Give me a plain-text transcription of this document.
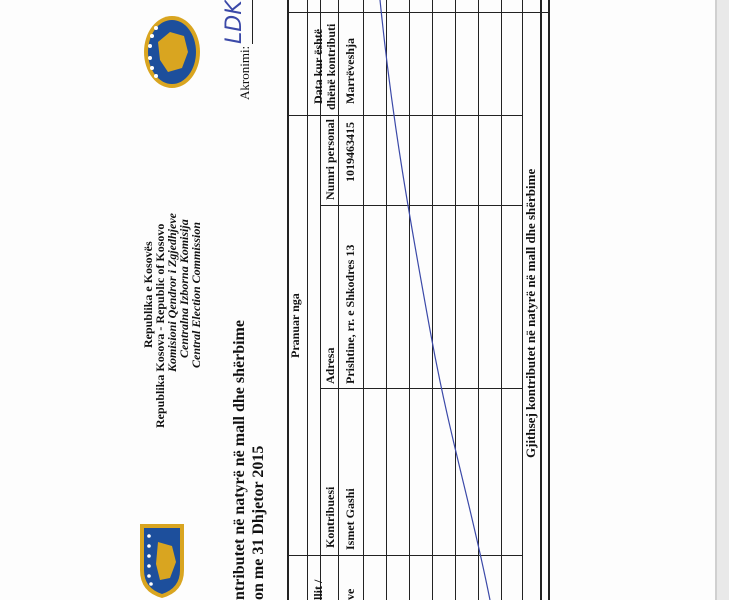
Republika e Kosovës
Republika Kosova - Republic of Kosovo
Komisioni Qendror i Zgjedhjeve
Centralna Izborna Komisija
Central Election Commission
ntributet në natyrë në mall dhe shërbime on me 31 Dhjetor 2015
Akronimi:
LDK
Pranuar nga
llit /
Kontribuesi
Adresa
Numri personal
Data kur është dhënë kontributi
ve
Ismet Gashi
Prishtine, rr. e Shkodres 13
1019463415
Marrëveshja
Gjithsej kontributet në natyrë në mall dhe shërbime
